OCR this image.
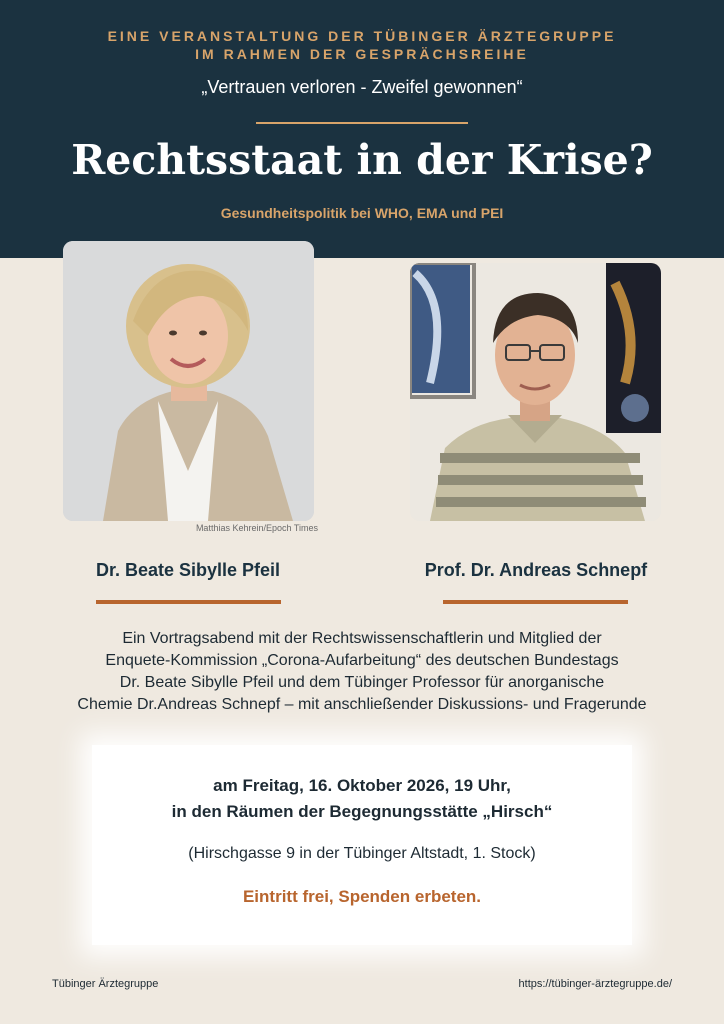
EINE VERANSTALTUNG DER TÜBINGER ÄRZTEGRUPPE
IM RAHMEN DER GESPRÄCHSREIHE
„Vertrauen verloren - Zweifel gewonnen“
Rechtsstaat in der Krise?
Gesundheitspolitik bei WHO, EMA und PEI
Matthias Kehrein/Epoch Times
Dr. Beate Sibylle Pfeil	Prof. Dr. Andreas Schnepf
Ein Vortragsabend mit der Rechtswissenschaftlerin und Mitglied der
Enquete-Kommission „Corona-Aufarbeitung“ des deutschen Bundestags
Dr. Beate Sibylle Pfeil und dem Tübinger Professor für anorganische
Chemie Dr.Andreas Schnepf – mit anschließender Diskussions- und Fragerunde
am Freitag, 16. Oktober 2026, 19 Uhr,
in den Räumen der Begegnungsstätte „Hirsch“
(Hirschgasse 9 in der Tübinger Altstadt, 1. Stock)
Eintritt frei, Spenden erbeten.
Tübinger Ärztegruppe	https://tübinger-ärztegruppe.de/
